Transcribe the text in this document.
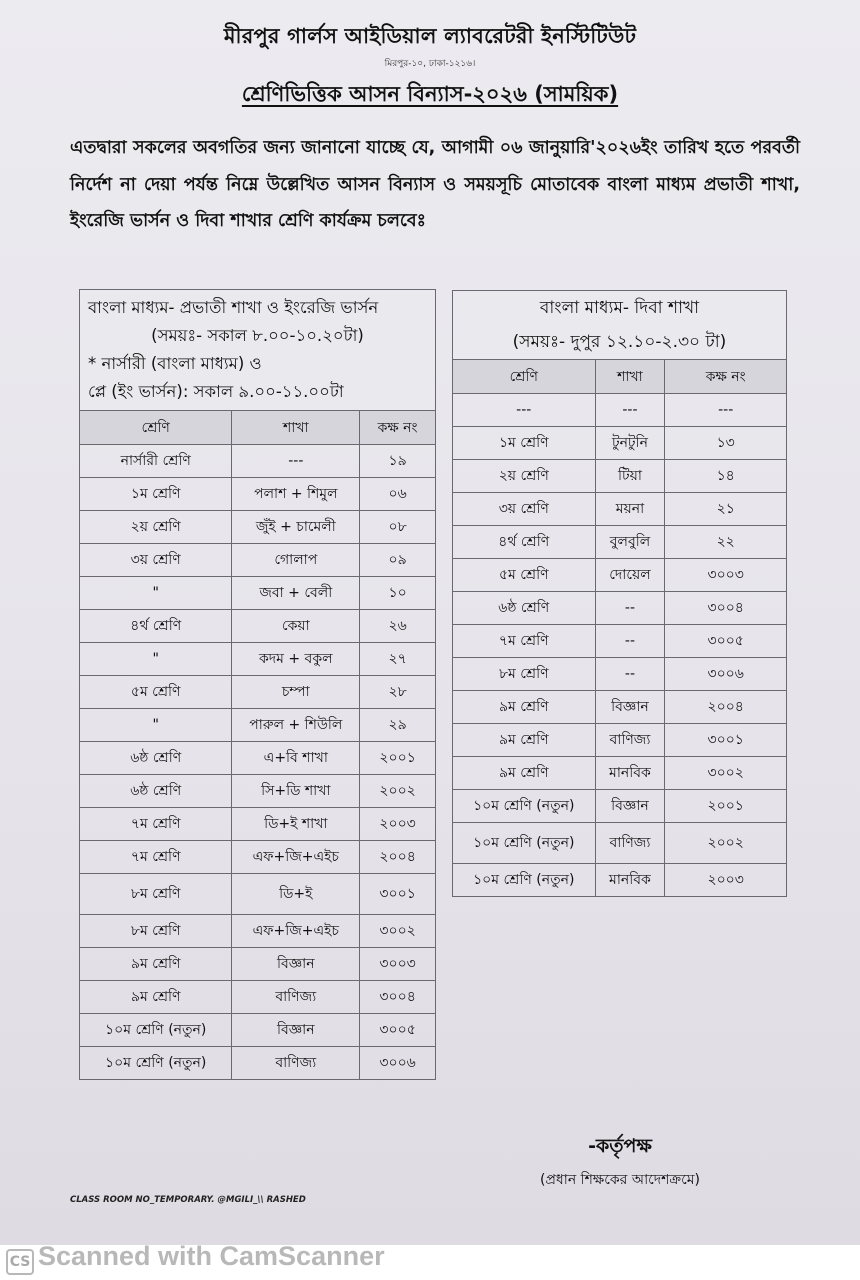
মীরপুর গার্লস আইডিয়াল ল্যাবরেটরী ইনস্টিটিউট
মিরপুর-১০, ঢাকা-১২১৬।
শ্রেণিভিত্তিক আসন বিন্যাস-২০২৬ (সাময়িক)
এতদ্বারা সকলের অবগতির জন্য জানানো যাচ্ছে যে, আগামী ০৬ জানুয়ারি'২০২৬ইং তারিখ হতে পরবর্তী নির্দেশ না দেয়া পর্যন্ত নিম্নে উল্লেখিত আসন বিন্যাস ও সময়সূচি মোতাবেক বাংলা মাধ্যম প্রভাতী শাখা, ইংরেজি ভার্সন ও দিবা শাখার শ্রেণি কার্যক্রম চলবেঃ
বাংলা মাধ্যম- প্রভাতী শাখা ও ইংরেজি ভার্সন
(সময়ঃ- সকাল ৮.০০-১০.২০টা)
* নার্সারী (বাংলা মাধ্যম) ও
প্লে (ইং ভার্সন): সকাল ৯.০০-১১.০০টা		

শ্রেণি	শাখা	কক্ষ নং
নার্সারী শ্রেণি	---	১৯
১ম শ্রেণি	পলাশ + শিমুল	০৬
২য় শ্রেণি	জুঁই + চামেলী	০৮
৩য় শ্রেণি	গোলাপ	০৯
"	জবা + বেলী	১০
৪র্থ শ্রেণি	কেয়া	২৬
"	কদম + বকুল	২৭
৫ম শ্রেণি	চম্পা	২৮
"	পারুল + শিউলি	২৯
৬ষ্ঠ শ্রেণি	এ+বি শাখা	২০০১
৬ষ্ঠ শ্রেণি	সি+ডি শাখা	২০০২
৭ম শ্রেণি	ডি+ই শাখা	২০০৩
৭ম শ্রেণি	এফ+জি+এইচ	২০০৪
৮ম শ্রেণি	ডি+ই	৩০০১
৮ম শ্রেণি	এফ+জি+এইচ	৩০০২
৯ম শ্রেণি	বিজ্ঞান	৩০০৩
৯ম শ্রেণি	বাণিজ্য	৩০০৪
১০ম শ্রেণি (নতুন)	বিজ্ঞান	৩০০৫
১০ম শ্রেণি (নতুন)	বাণিজ্য	৩০০৬
বাংলা মাধ্যম- দিবা শাখা
(সময়ঃ- দুপুর ১২.১০-২.৩০ টা)		

শ্রেণি	শাখা	কক্ষ নং
---	---	---
১ম শ্রেণি	টুনটুনি	১৩
২য় শ্রেণি	টিয়া	১৪
৩য় শ্রেণি	ময়না	২১
৪র্থ শ্রেণি	বুলবুলি	২২
৫ম শ্রেণি	দোয়েল	৩০০৩
৬ষ্ঠ শ্রেণি	--	৩০০৪
৭ম শ্রেণি	--	৩০০৫
৮ম শ্রেণি	--	৩০০৬
৯ম শ্রেণি	বিজ্ঞান	২০০৪
৯ম শ্রেণি	বাণিজ্য	৩০০১
৯ম শ্রেণি	মানবিক	৩০০২
১০ম শ্রেণি (নতুন)	বিজ্ঞান	২০০১
১০ম শ্রেণি (নতুন)	বাণিজ্য	২০০২
১০ম শ্রেণি (নতুন)	মানবিক	২০০৩
-কর্তৃপক্ষ
(প্রধান শিক্ষকের আদেশক্রমে)
CLASS ROOM NO_TEMPORARY. @MGILI_\\ RASHED
CS Scanned with CamScanner
